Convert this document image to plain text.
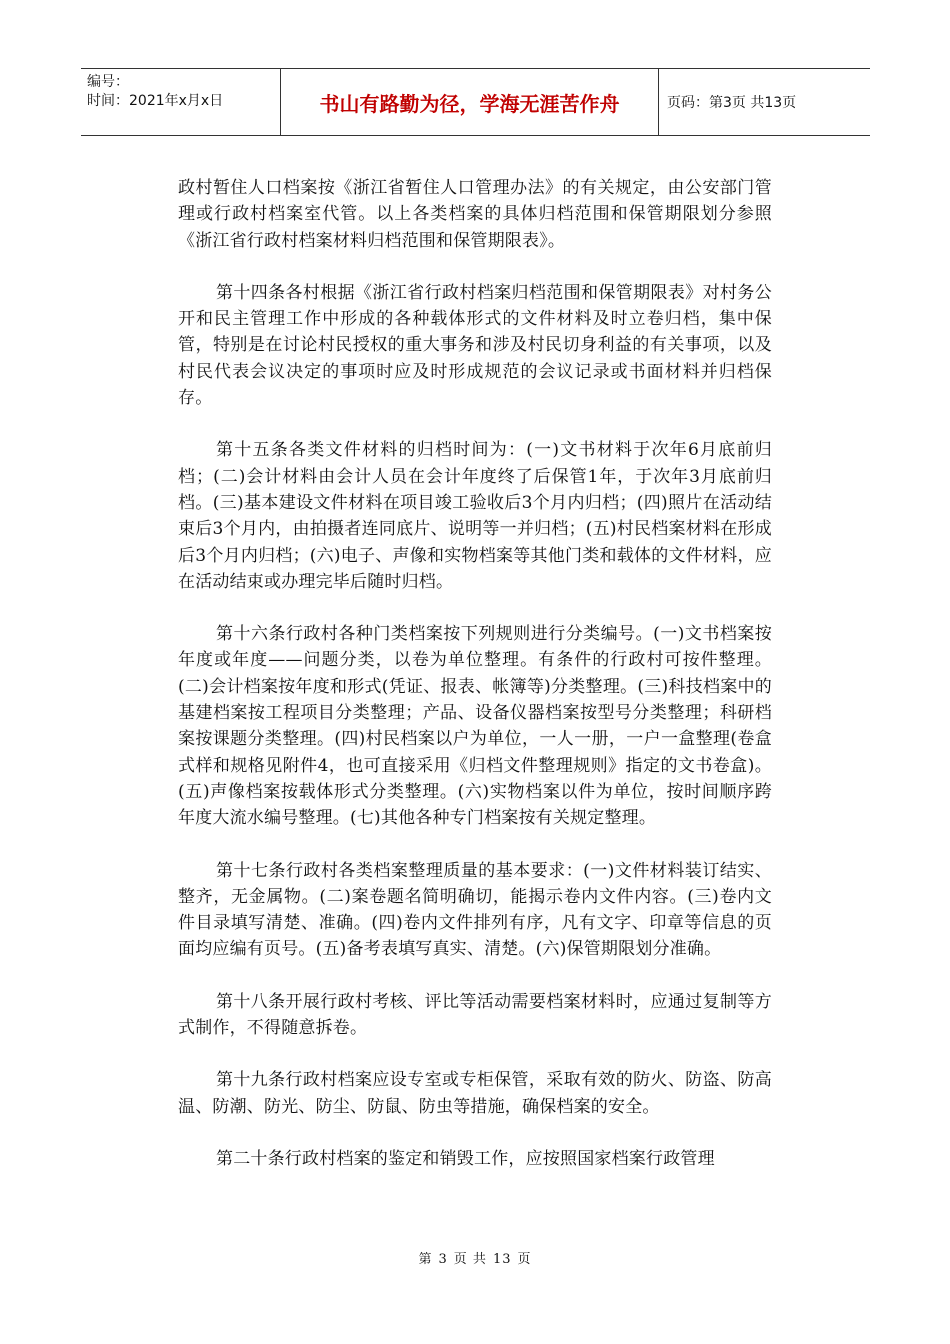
编号：
时间：2021年x月x日	书山有路勤为径，学海无涯苦作舟	页码：第3页 共13页

政村暂住人口档案按《浙江省暂住人口管理办法》的有关规定，由公安部门管理或行政村档案室代管。以上各类档案的具体归档范围和保管期限划分参照《浙江省行政村档案材料归档范围和保管期限表》。

第十四条各村根据《浙江省行政村档案归档范围和保管期限表》对村务公开和民主管理工作中形成的各种载体形式的文件材料及时立卷归档，集中保管，特别是在讨论村民授权的重大事务和涉及村民切身利益的有关事项，以及村民代表会议决定的事项时应及时形成规范的会议记录或书面材料并归档保存。

第十五条各类文件材料的归档时间为：(一)文书材料于次年6月底前归档；(二)会计材料由会计人员在会计年度终了后保管1年，于次年3月底前归档。(三)基本建设文件材料在项目竣工验收后3个月内归档；(四)照片在活动结束后3个月内，由拍摄者连同底片、说明等一并归档；(五)村民档案材料在形成后3个月内归档；(六)电子、声像和实物档案等其他门类和载体的文件材料，应在活动结束或办理完毕后随时归档。

第十六条行政村各种门类档案按下列规则进行分类编号。(一)文书档案按年度或年度——问题分类，以卷为单位整理。有条件的行政村可按件整理。(二)会计档案按年度和形式(凭证、报表、帐簿等)分类整理。(三)科技档案中的基建档案按工程项目分类整理；产品、设备仪器档案按型号分类整理；科研档案按课题分类整理。(四)村民档案以户为单位，一人一册，一户一盒整理(卷盒式样和规格见附件4，也可直接采用《归档文件整理规则》指定的文书卷盒)。(五)声像档案按载体形式分类整理。(六)实物档案以件为单位，按时间顺序跨年度大流水编号整理。(七)其他各种专门档案按有关规定整理。

第十七条行政村各类档案整理质量的基本要求：(一)文件材料装订结实、整齐，无金属物。(二)案卷题名简明确切，能揭示卷内文件内容。(三)卷内文件目录填写清楚、准确。(四)卷内文件排列有序，凡有文字、印章等信息的页面均应编有页号。(五)备考表填写真实、清楚。(六)保管期限划分准确。

第十八条开展行政村考核、评比等活动需要档案材料时，应通过复制等方式制作，不得随意拆卷。

第十九条行政村档案应设专室或专柜保管，采取有效的防火、防盗、防高温、防潮、防光、防尘、防鼠、防虫等措施，确保档案的安全。

第二十条行政村档案的鉴定和销毁工作，应按照国家档案行政管理

第 3 页 共 13 页
